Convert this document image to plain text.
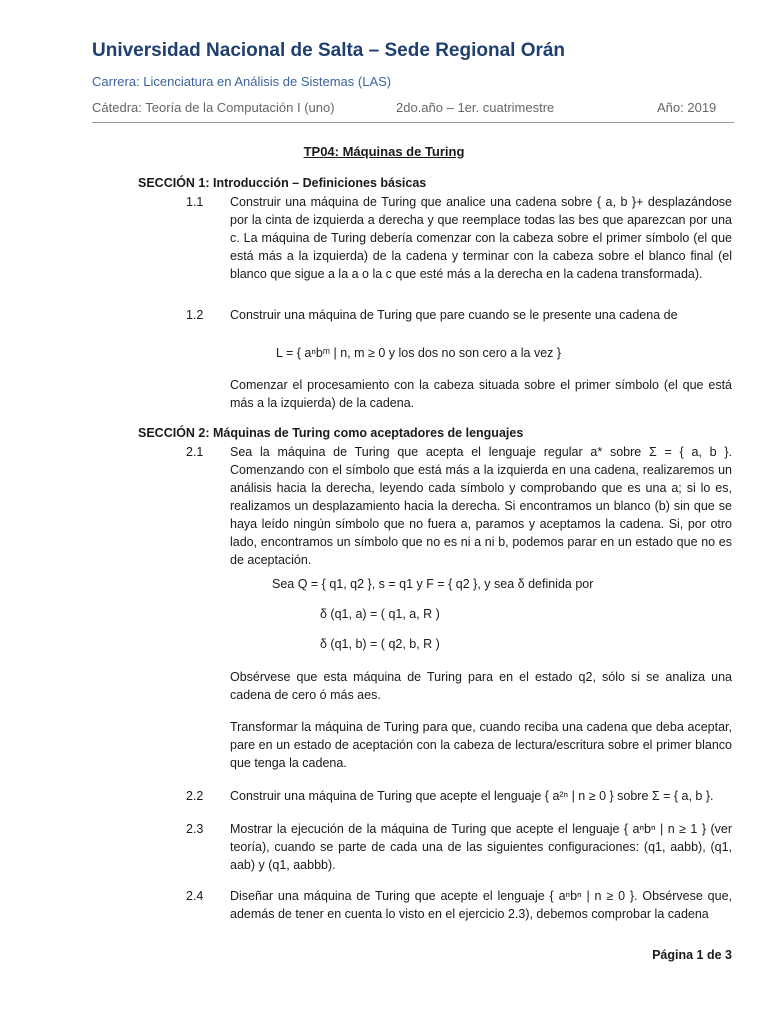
Universidad Nacional de Salta – Sede Regional Orán
Carrera: Licenciatura en Análisis de Sistemas (LAS)
Cátedra: Teoría de la Computación I (uno)	2do.año – 1er. cuatrimestre	Año: 2019
TP04: Máquinas de Turing
SECCIÓN 1: Introducción – Definiciones básicas
1.1 Construir una máquina de Turing que analice una cadena sobre { a, b }+ desplazándose por la cinta de izquierda a derecha y que reemplace todas las bes que aparezcan por una c. La máquina de Turing debería comenzar con la cabeza sobre el primer símbolo (el que está más a la izquierda) de la cadena y terminar con la cabeza sobre el blanco final (el blanco que sigue a la a o la c que esté más a la derecha en la cadena transformada).

1.2 Construir una máquina de Turing que pare cuando se le presente una cadena de

L = { aⁿbᵐ | n, m ≥ 0 y los dos no son cero a la vez }

Comenzar el procesamiento con la cabeza situada sobre el primer símbolo (el que está más a la izquierda) de la cadena.

SECCIÓN 2: Máquinas de Turing como aceptadores de lenguajes
2.1 Sea la máquina de Turing que acepta el lenguaje regular a* sobre Σ = { a, b }. Comenzando con el símbolo que está más a la izquierda en una cadena, realizaremos un análisis hacia la derecha, leyendo cada símbolo y comprobando que es una a; si lo es, realizamos un desplazamiento hacia la derecha. Si encontramos un blanco (b) sin que se haya leído ningún símbolo que no fuera a, paramos y aceptamos la cadena. Si, por otro lado, encontramos un símbolo que no es ni a ni b, podemos parar en un estado que no es de aceptación.

Sea Q = { q1, q2 }, s = q1 y F = { q2 }, y sea δ definida por
δ (q1, a) = ( q1, a, R )
δ (q1, b) = ( q2, b, R )

Obsérvese que esta máquina de Turing para en el estado q2, sólo si se analiza una cadena de cero ó más aes.

Transformar la máquina de Turing para que, cuando reciba una cadena que deba aceptar, pare en un estado de aceptación con la cabeza de lectura/escritura sobre el primer blanco que tenga la cadena.

2.2 Construir una máquina de Turing que acepte el lenguaje { a²ⁿ | n ≥ 0 } sobre Σ = { a, b }.

2.3 Mostrar la ejecución de la máquina de Turing que acepte el lenguaje { aⁿbⁿ | n ≥ 1 } (ver teoría), cuando se parte de cada una de las siguientes configuraciones: (q1, aabb), (q1, aab) y (q1, aabbb).

2.4 Diseñar una máquina de Turing que acepte el lenguaje { aⁿbⁿ | n ≥ 0 }. Obsérvese que, además de tener en cuenta lo visto en el ejercicio 2.3), debemos comprobar la cadena

Página 1 de 3
